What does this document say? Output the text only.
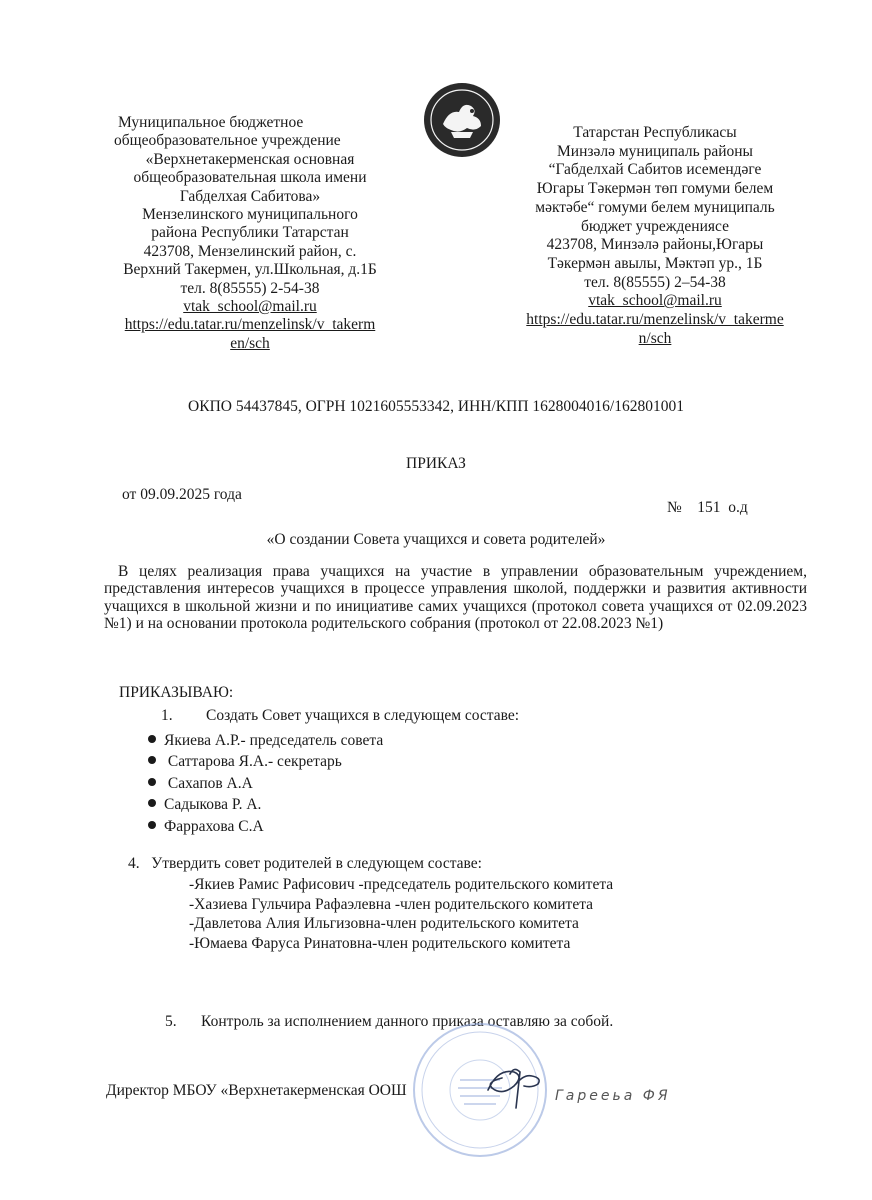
Муниципальное бюджетное
общеобразовательное учреждение
«Верхнетакерменская основная
общеобразовательная школа имени
Габделхая Сабитова»
Мензелинского муниципального
района Республики Татарстан
423708, Мензелинский район, с.
Верхний Такермен, ул.Школьная, д.1Б
тел. 8(85555) 2-54-38
vtak_school@mail.ru
https://edu.tatar.ru/menzelinsk/v_takerm
en/sch
Татарстан Республикасы
Минзәлә муниципаль районы
“Габделхай Сабитов исемендәге
Югары Тәкермән төп гомуми белем
мәктәбе“ гомуми белем муниципаль
бюджет учреждениясе
423708, Минзәлә районы,Югары
Тәкермән авылы, Мәктәп ур., 1Б
тел. 8(85555) 2–54-38
vtak_school@mail.ru
https://edu.tatar.ru/menzelinsk/v_takerme
n/sch
ОКПО 54437845, ОГРН 1021605553342, ИНН/КПП 1628004016/162801001
ПРИКАЗ
от 09.09.2025 года
№    151  о.д
«О создании Совета учащихся и совета родителей»

В целях реализация права учащихся на участие в управлении образовательным учреждением, представления интересов учащихся в процессе управления школой, поддержки и развития активности учащихся в школьной жизни и по инициативе самих учащихся (протокол совета учащихся от 02.09.2023 №1) и на основании протокола родительского собрания (протокол от 22.08.2023 №1)

ПРИКАЗЫВАЮ:
1. Создать Совет учащихся в следующем составе:
Якиева А.Р.- председатель совета
Саттарова Я.А.- секретарь
Сахапов А.А
Садыкова Р. А.
Фаррахова С.А
4. Утвердить совет родителей в следующем составе:
-Якиев Рамис Рафисович -председатель родительского комитета
-Хазиева Гульчира Рафаэлевна -член родительского комитета
-Давлетова Алия Ильгизовна-член родительского комитета
-Юмаева Фаруса Ринатовна-член родительского комитета
5. Контроль за исполнением данного приказа оставляю за собой.
Директор МБОУ «Верхнетакерменская ООШ	Гарееьа ФЯ
